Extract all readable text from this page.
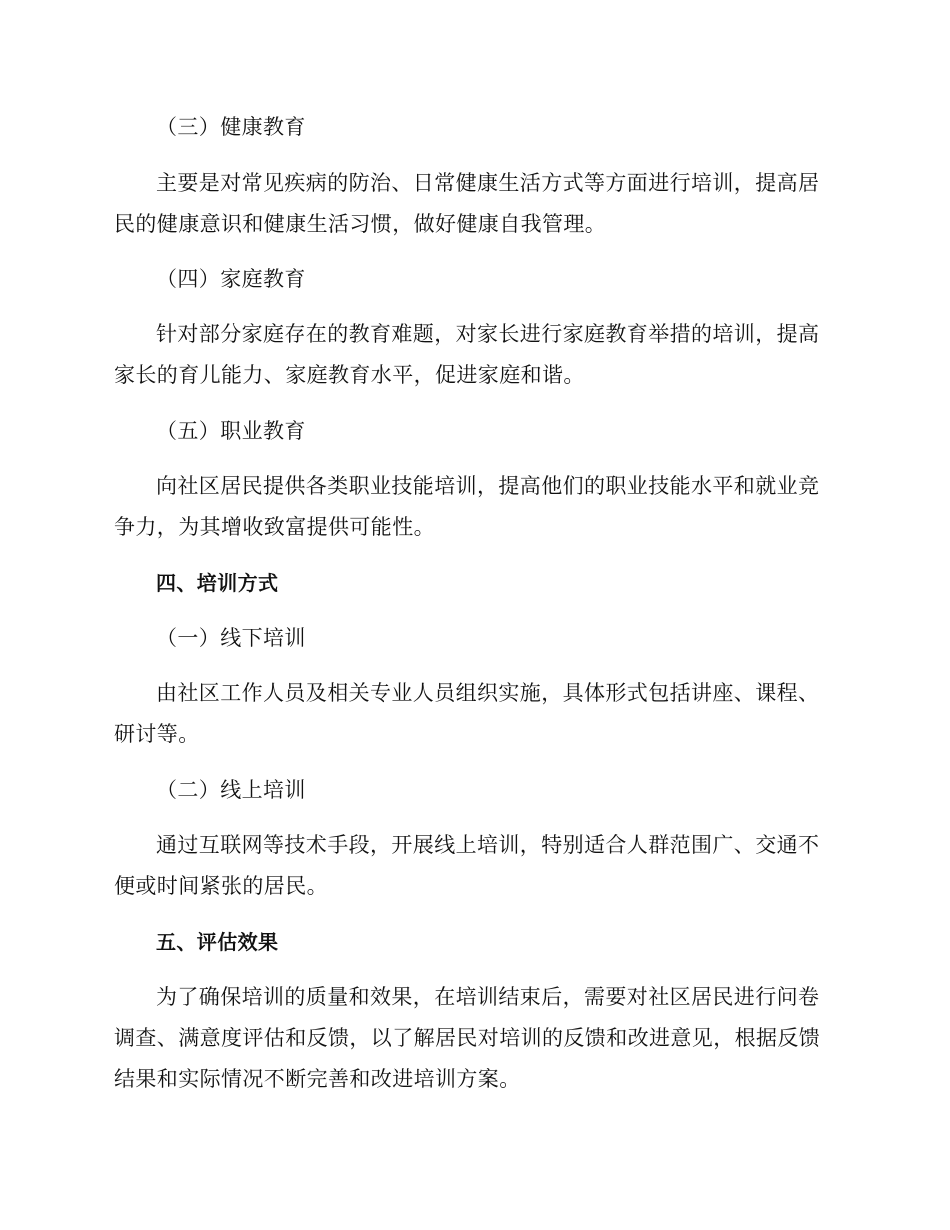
（三）健康教育
主要是对常见疾病的防治、日常健康生活方式等方面进行培训，提高居
民的健康意识和健康生活习惯，做好健康自我管理。
（四）家庭教育
针对部分家庭存在的教育难题，对家长进行家庭教育举措的培训，提高
家长的育儿能力、家庭教育水平，促进家庭和谐。
（五）职业教育
向社区居民提供各类职业技能培训，提高他们的职业技能水平和就业竞
争力，为其增收致富提供可能性。
四、培训方式
（一）线下培训
由社区工作人员及相关专业人员组织实施，具体形式包括讲座、课程、
研讨等。
（二）线上培训
通过互联网等技术手段，开展线上培训，特别适合人群范围广、交通不
便或时间紧张的居民。
五、评估效果
为了确保培训的质量和效果，在培训结束后，需要对社区居民进行问卷
调查、满意度评估和反馈，以了解居民对培训的反馈和改进意见，根据反馈
结果和实际情况不断完善和改进培训方案。
